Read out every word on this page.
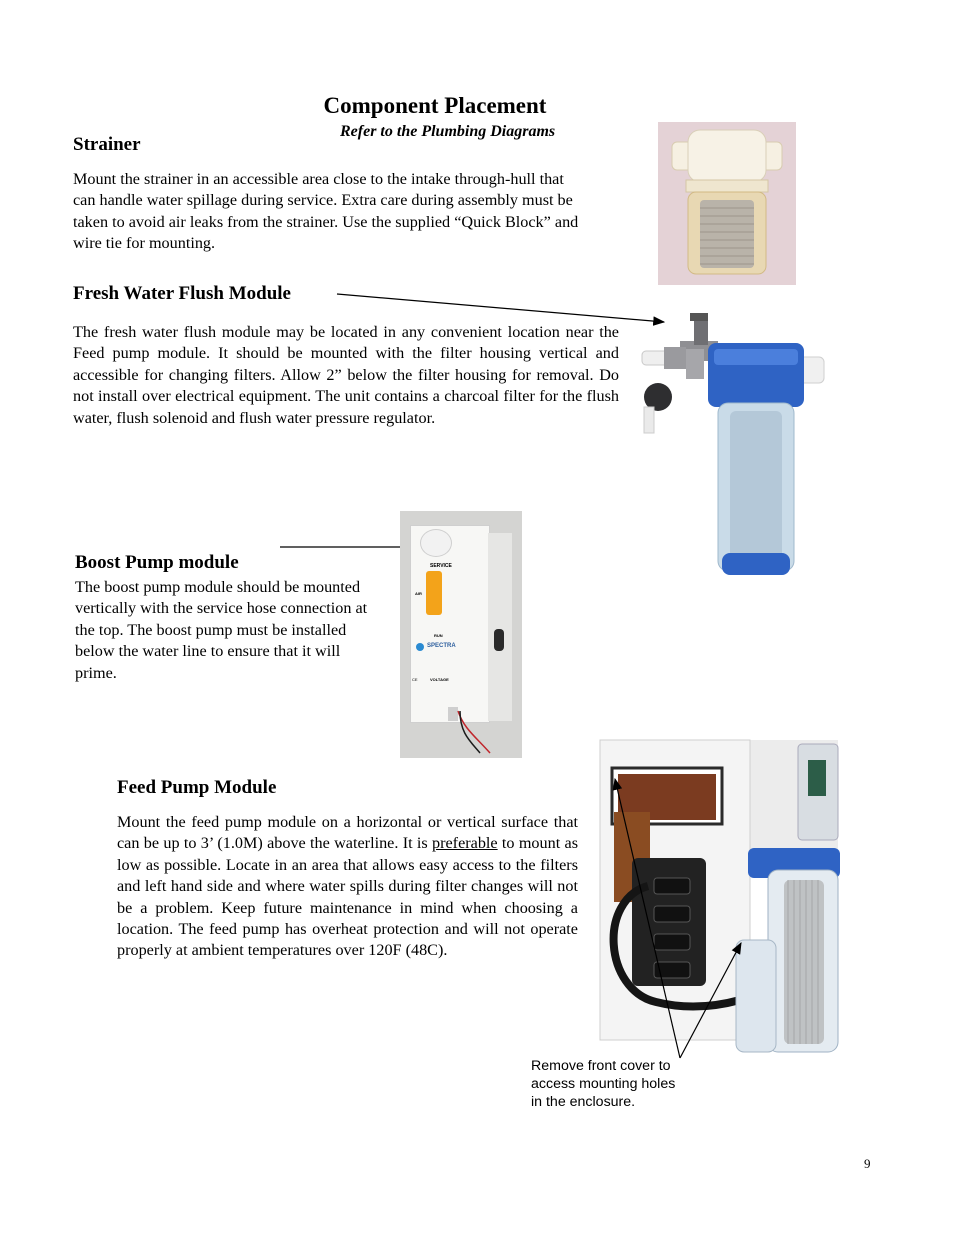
Component Placement
Refer to the Plumbing Diagrams
Strainer
Mount the strainer in an accessible area close to the intake through-hull that can handle water spillage during service. Extra care during assembly must be taken to avoid air leaks from the strainer. Use the supplied “Quick Block” and wire tie for mounting.
Fresh Water Flush Module
The fresh water flush module may be located in any convenient location near the Feed pump module. It should be mounted with the filter housing vertical and accessible for changing filters. Allow 2” below the filter housing for removal. Do not install over electrical equipment. The unit contains a charcoal filter for the flush water, flush solenoid and flush water pressure regulator.
Boost Pump module
The boost pump module should be mounted vertically with the service hose connection at the top. The boost pump must be installed below the water line to ensure that it will prime.
SERVICE
AIR
RUN
SPECTRA
CE	VOLTAGE
Feed Pump Module
Mount the feed pump module on a horizontal or vertical surface that can be up to 3’ (1.0M) above the waterline. It is preferable to mount as low as possible. Locate in an area that allows easy access to the filters and left hand side and where water spills during filter changes will not be a problem. Keep future maintenance in mind when choosing a location. The feed pump has overheat protection and will not operate properly at ambient temperatures over 120F (48C).
Remove front cover to access mounting holes in the enclosure.
9
